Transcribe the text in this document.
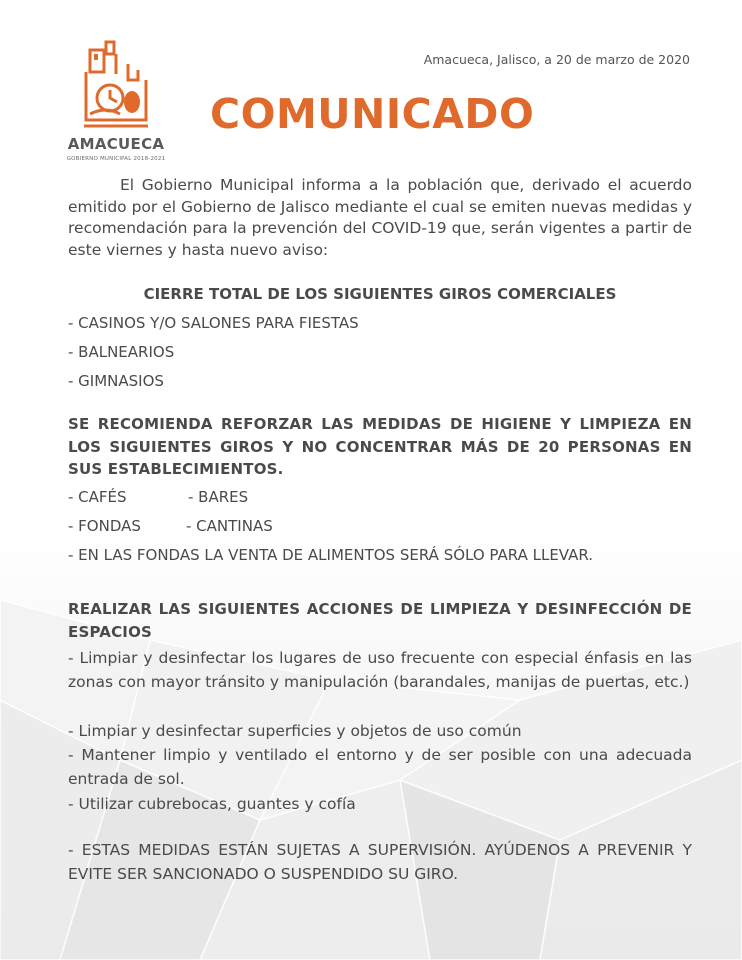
AMACUECA
GOBIERNO MUNICIPAL 2018-2021
Amacueca, Jalisco, a 20 de marzo de 2020
COMUNICADO
El Gobierno Municipal informa a la población que, derivado el acuerdo emitido por el Gobierno de Jalisco mediante el cual se emiten nuevas medidas y recomendación para la prevención del COVID-19 que, serán vigentes a partir de este viernes y hasta nuevo aviso:
CIERRE TOTAL DE LOS SIGUIENTES GIROS COMERCIALES
- CASINOS Y/O SALONES PARA FIESTAS
- BALNEARIOS
- GIMNASIOS
SE RECOMIENDA REFORZAR LAS MEDIDAS DE HIGIENE Y LIMPIEZA EN LOS SIGUIENTES GIROS Y NO CONCENTRAR MÁS DE 20 PERSONAS EN SUS ESTABLECIMIENTOS.
- CAFÉS	- BARES
- FONDAS	- CANTINAS
- EN LAS FONDAS LA VENTA DE ALIMENTOS SERÁ SÓLO PARA LLEVAR.
REALIZAR LAS SIGUIENTES ACCIONES DE LIMPIEZA Y DESINFECCIÓN DE ESPACIOS
- Limpiar y desinfectar los lugares de uso frecuente con especial énfasis en las zonas con mayor tránsito y manipulación (barandales, manijas de puertas, etc.)
- Limpiar y desinfectar superficies y objetos de uso común
- Mantener limpio y ventilado el entorno y de ser posible con una adecuada entrada de sol.
- Utilizar cubrebocas, guantes y cofía
- ESTAS MEDIDAS ESTÁN SUJETAS A SUPERVISIÓN. AYÚDENOS A PREVENIR Y EVITE SER SANCIONADO O SUSPENDIDO SU GIRO.
